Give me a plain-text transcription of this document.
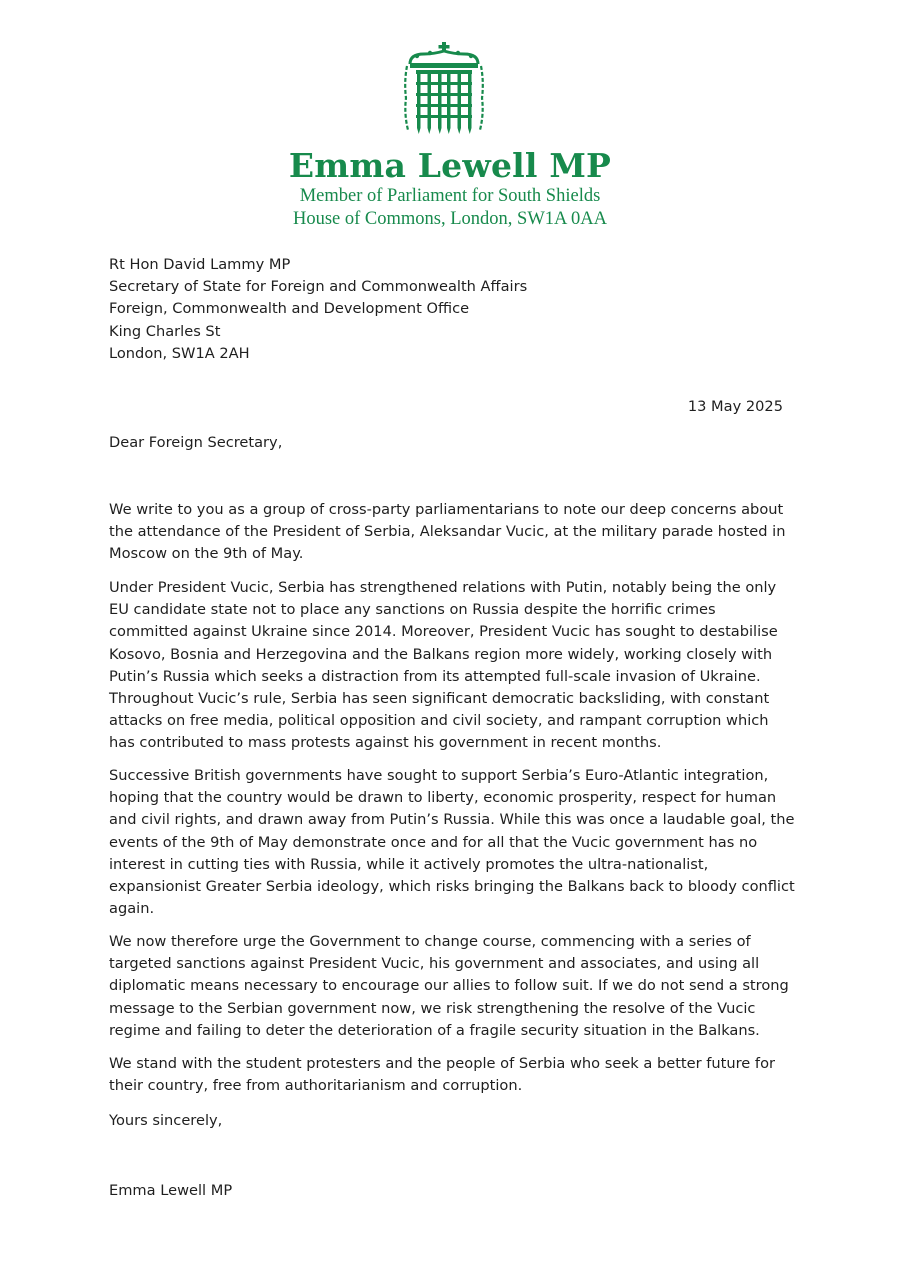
Emma Lewell MP

Member of Parliament for South Shields

House of Commons, London, SW1A 0AA

Rt Hon David Lammy MP
Secretary of State for Foreign and Commonwealth Affairs
Foreign, Commonwealth and Development Office
King Charles St
London, SW1A 2AH

13 May 2025

Dear Foreign Secretary,

We write to you as a group of cross-party parliamentarians to note our deep concerns about the attendance of the President of Serbia, Aleksandar Vucic, at the military parade hosted in Moscow on the 9th of May.

Under President Vucic, Serbia has strengthened relations with Putin, notably being the only EU candidate state not to place any sanctions on Russia despite the horrific crimes committed against Ukraine since 2014. Moreover, President Vucic has sought to destabilise Kosovo, Bosnia and Herzegovina and the Balkans region more widely, working closely with Putin’s Russia which seeks a distraction from its attempted full-scale invasion of Ukraine. Throughout Vucic’s rule, Serbia has seen significant democratic backsliding, with constant attacks on free media, political opposition and civil society, and rampant corruption which has contributed to mass protests against his government in recent months.

Successive British governments have sought to support Serbia’s Euro-Atlantic integration, hoping that the country would be drawn to liberty, economic prosperity, respect for human and civil rights, and drawn away from Putin’s Russia. While this was once a laudable goal, the events of the 9th of May demonstrate once and for all that the Vucic government has no interest in cutting ties with Russia, while it actively promotes the ultra-nationalist, expansionist Greater Serbia ideology, which risks bringing the Balkans back to bloody conflict again.

We now therefore urge the Government to change course, commencing with a series of targeted sanctions against President Vucic, his government and associates, and using all diplomatic means necessary to encourage our allies to follow suit. If we do not send a strong message to the Serbian government now, we risk strengthening the resolve of the Vucic regime and failing to deter the deterioration of a fragile security situation in the Balkans.

We stand with the student protesters and the people of Serbia who seek a better future for their country, free from authoritarianism and corruption.

Yours sincerely,

Emma Lewell MP
